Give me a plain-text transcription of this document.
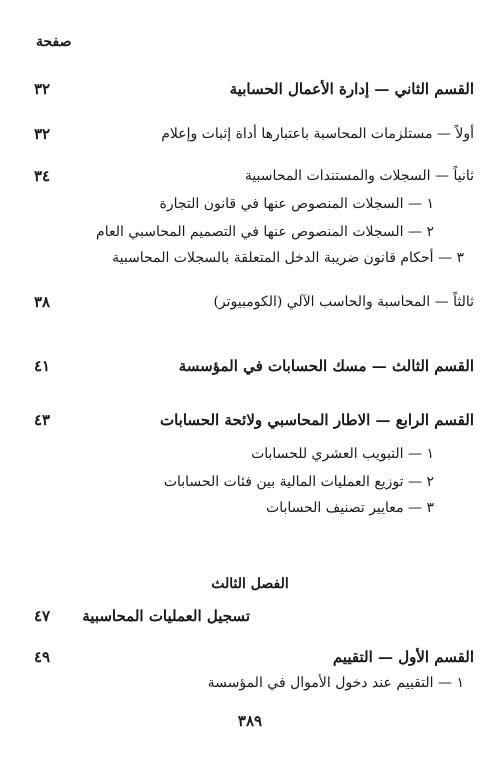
صفحة
القسم الثاني — إدارة الأعمال الحسابية
٣٢
أولاً — مستلزمات المحاسبة باعتبارها أداة إثبات وإعلام
٣٢
ثانياً — السجلات والمستندات المحاسبية
٣٤
١ — السجلات المنصوص عنها في قانون التجارة
٢ — السجلات المنصوص عنها في التصميم المحاسبي العام
٣ — أحكام قانون ضريبة الدخل المتعلقة بالسجلات المحاسبية
ثالثاً — المحاسبة والحاسب الآلي (الكومبيوتر)
٣٨
القسم الثالث — مسك الحسابات في المؤسسة
٤١
القسم الرابع — الاطار المحاسبي ولائحة الحسابات
٤٣
١ — التبويب العشري للحسابات
٢ — توزيع العمليات المالية بين فئات الحسابات
٣ — معايير تصنيف الحسابات
الفصل الثالث
تسجيل العمليات المحاسبية
٤٧
القسم الأول — التقييم
٤٩
١ — التقييم عند دخول الأموال في المؤسسة
٣٨٩
